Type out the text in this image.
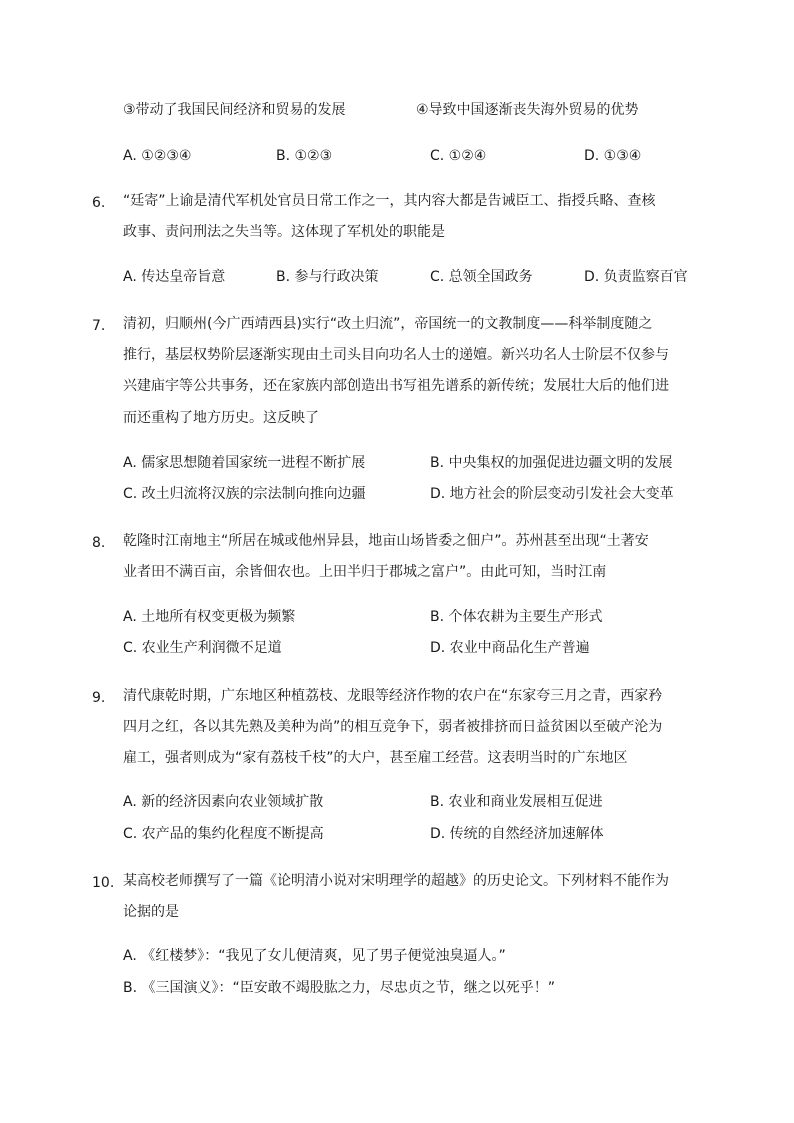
③带动了我国民间经济和贸易的发展	④导致中国逐渐丧失海外贸易的优势
A. ①②③④	B. ①②③	C. ①②④	D. ①③④
6.	“廷寄”上谕是清代军机处官员日常工作之一，其内容大都是告诫臣工、指授兵略、查核
政事、责问刑法之失当等。这体现了军机处的职能是
A. 传达皇帝旨意	B. 参与行政决策	C. 总领全国政务	D. 负责监察百官
7.	清初，归顺州(今广西靖西县)实行“改土归流”，帝国统一的文教制度——科举制度随之
推行，基层权势阶层逐渐实现由土司头目向功名人士的递嬗。新兴功名人士阶层不仅参与
兴建庙宇等公共事务，还在家族内部创造出书写祖先谱系的新传统；发展壮大后的他们进
而还重构了地方历史。这反映了
A. 儒家思想随着国家统一进程不断扩展	B. 中央集权的加强促进边疆文明的发展
C. 改土归流将汉族的宗法制向推向边疆	D. 地方社会的阶层变动引发社会大变革
8.	乾隆时江南地主“所居在城或他州异县，地亩山场皆委之佃户”。苏州甚至出现“土著安
业者田不满百亩，余皆佃农也。上田半归于郡城之富户”。由此可知，当时江南
A. 土地所有权变更极为频繁	B. 个体农耕为主要生产形式
C. 农业生产利润微不足道	D. 农业中商品化生产普遍
9.	清代康乾时期，广东地区种植荔枝、龙眼等经济作物的农户在“东家夸三月之青，西家矜
四月之红，各以其先熟及美种为尚”的相互竞争下，弱者被排挤而日益贫困以至破产沦为
雇工，强者则成为“家有荔枝千枝”的大户，甚至雇工经营。这表明当时的广东地区
A. 新的经济因素向农业领域扩散	B. 农业和商业发展相互促进
C. 农产品的集约化程度不断提高	D. 传统的自然经济加速解体
10. 某高校老师撰写了一篇《论明清小说对宋明理学的超越》的历史论文。下列材料不能作为
论据的是
A. 《红楼梦》：“我见了女儿便清爽，见了男子便觉浊臭逼人。”
B. 《三国演义》：“臣安敢不竭股肱之力，尽忠贞之节，继之以死乎！”
